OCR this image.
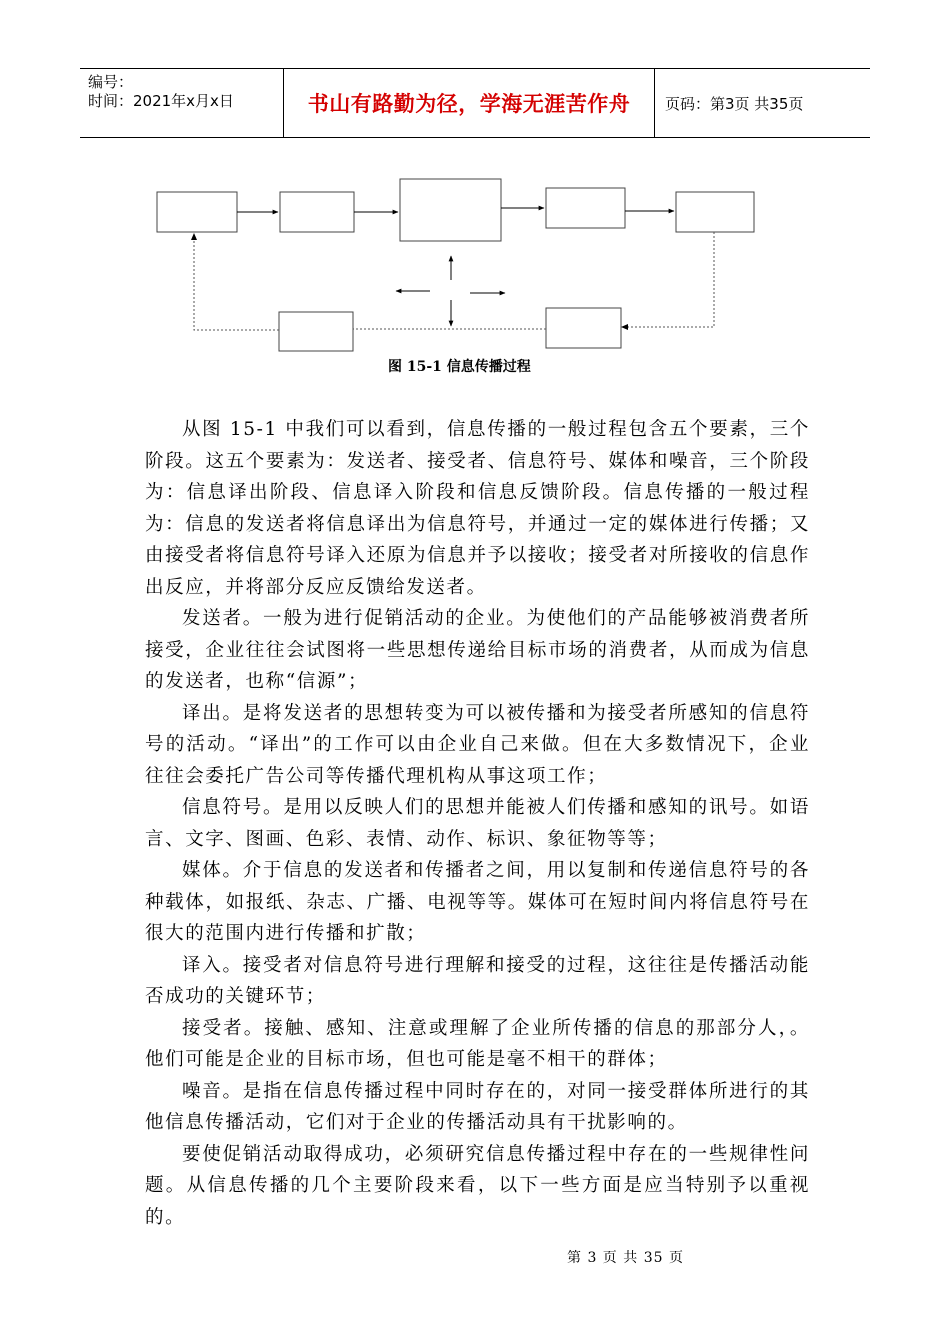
编号：
时间：2021年x月x日	书山有路勤为径，学海无涯苦作舟 页码：第3页 共35页
图 15-1 信息传播过程

从图 15-1 中我们可以看到，信息传播的一般过程包含五个要素，三个阶段。这五个要素为：发送者、接受者、信息符号、媒体和噪音，三个阶段为：信息译出阶段、信息译入阶段和信息反馈阶段。信息传播的一般过程为：信息的发送者将信息译出为信息符号，并通过一定的媒体进行传播；又由接受者将信息符号译入还原为信息并予以接收；接受者对所接收的信息作出反应，并将部分反应反馈给发送者。

发送者。一般为进行促销活动的企业。为使他们的产品能够被消费者所接受，企业往往会试图将一些思想传递给目标市场的消费者，从而成为信息的发送者，也称“信源”；

译出。是将发送者的思想转变为可以被传播和为接受者所感知的信息符号的活动。“译出”的工作可以由企业自己来做。但在大多数情况下，企业往往会委托广告公司等传播代理机构从事这项工作；

信息符号。是用以反映人们的思想并能被人们传播和感知的讯号。如语言、文字、图画、色彩、表情、动作、标识、象征物等等；

媒体。介于信息的发送者和传播者之间，用以复制和传递信息符号的各种载体，如报纸、杂志、广播、电视等等。媒体可在短时间内将信息符号在很大的范围内进行传播和扩散；

译入。接受者对信息符号进行理解和接受的过程，这往往是传播活动能否成功的关键环节；

接受者。接触、感知、注意或理解了企业所传播的信息的那部分人，。他们可能是企业的目标市场，但也可能是毫不相干的群体；

噪音。是指在信息传播过程中同时存在的，对同一接受群体所进行的其他信息传播活动，它们对于企业的传播活动具有干扰影响的。

要使促销活动取得成功，必须研究信息传播过程中存在的一些规律性问题。从信息传播的几个主要阶段来看，以下一些方面是应当特别予以重视的。

第 3 页 共 35 页
